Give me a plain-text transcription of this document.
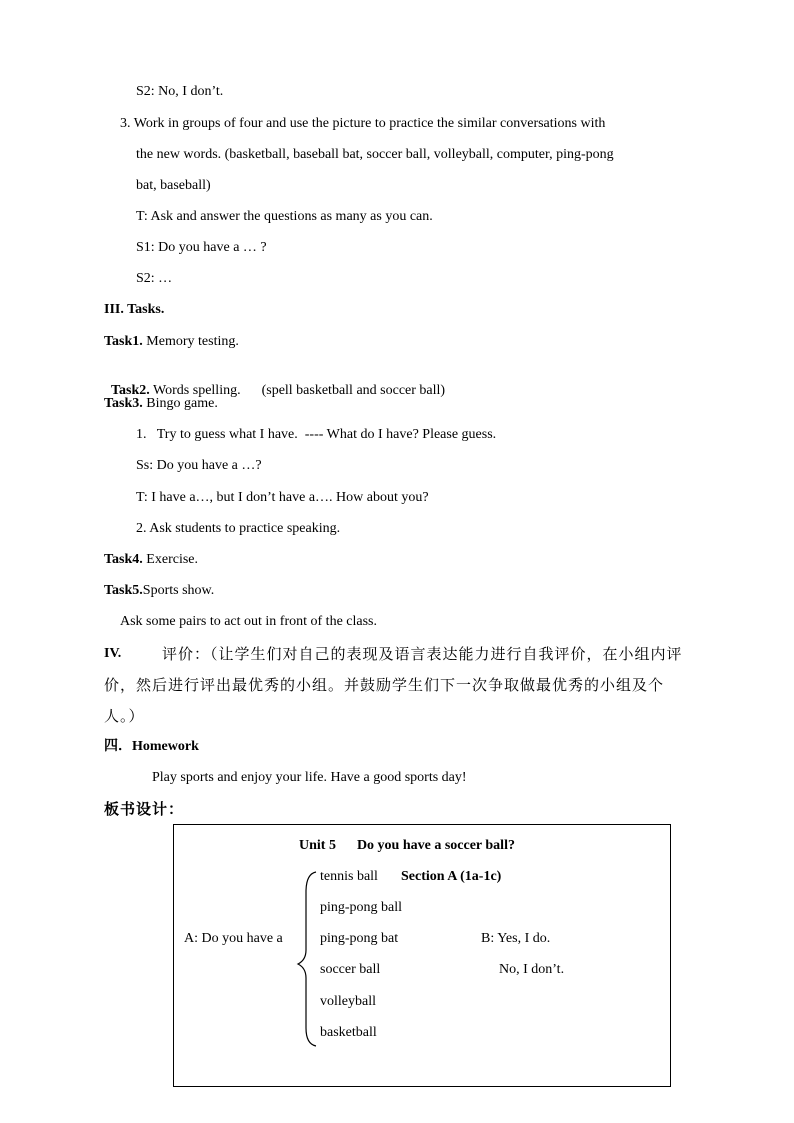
S2: No, I don’t.
3. Work in groups of four and use the picture to practice the similar conversations with
the new words. (basketball, baseball bat, soccer ball, volleyball, computer, ping-pong
bat, baseball)
T: Ask and answer the questions as many as you can.
S1: Do you have a … ?
S2: …
III. Tasks.
Task1. Memory testing.

Task2. Words spelling.      (spell basketball and soccer ball)

Task3. Bingo game.
1.   Try to guess what I have.  ---- What do I have? Please guess.
Ss: Do you have a …?
T: I have a…, but I don’t have a…. How about you?
2. Ask students to practice speaking.
Task4. Exercise.
Task5.Sports show.
Ask some pairs to act out in front of the class.
IV.	评价：（让学生们对自己的表现及语言表达能力进行自我评价，在小组内评
价，然后进行评出最优秀的小组。并鼓励学生们下一次争取做最优秀的小组及个
人。）
四．Homework
Play sports and enjoy your life. Have a good sports day!
板书设计：
Unit 5      Do you have a soccer ball?
Section A (1a-1c)
A: Do you have a
tennis ball
ping-pong ball
ping-pong bat
soccer ball
volleyball
basketball
B: Yes, I do.
No, I don’t.
